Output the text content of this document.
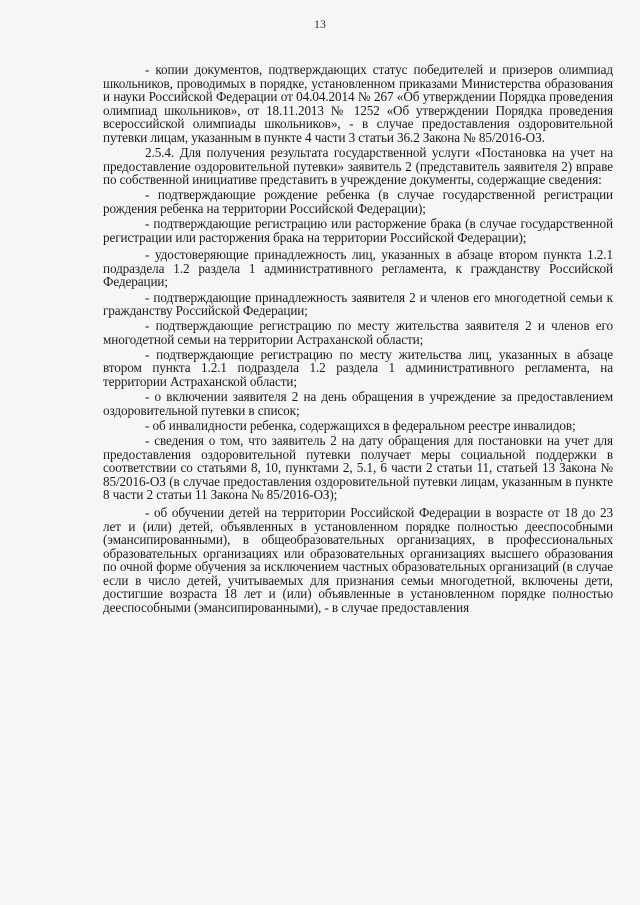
13

- копии документов, подтверждающих статус победителей и призеров олимпиад школьников, проводимых в порядке, установленном приказами Министерства образования и науки Российской Федерации от 04.04.2014 № 267 «Об утверждении Порядка проведения олимпиад школьников», от 18.11.2013 № 1252 «Об утверждении Порядка проведения всероссийской олимпиады школьников», - в случае предоставления оздоровительной путевки лицам, указанным в пункте 4 части 3 статьи 36.2 Закона № 85/2016-ОЗ.

2.5.4. Для получения результата государственной услуги «Постановка на учет на предоставление оздоровительной путевки» заявитель 2 (представитель заявителя 2) вправе по собственной инициативе представить в учреждение документы, содержащие сведения:

- подтверждающие рождение ребенка (в случае государственной регистрации рождения ребенка на территории Российской Федерации);

- подтверждающие регистрацию или расторжение брака (в случае государственной регистрации или расторжения брака на территории Российской Федерации);

- удостоверяющие принадлежность лиц, указанных в абзаце втором пункта 1.2.1 подраздела 1.2 раздела 1 административного регламента, к гражданству Российской Федерации;

- подтверждающие принадлежность заявителя 2 и членов его многодетной семьи к гражданству Российской Федерации;

- подтверждающие регистрацию по месту жительства заявителя 2 и членов его многодетной семьи на территории Астраханской области;

- подтверждающие регистрацию по месту жительства лиц, указанных в абзаце втором пункта 1.2.1 подраздела 1.2 раздела 1 административного регламента, на территории Астраханской области;

- о включении заявителя 2 на день обращения в учреждение за предоставлением оздоровительной путевки в список;

- об инвалидности ребенка, содержащихся в федеральном реестре инвалидов;

- сведения о том, что заявитель 2 на дату обращения для постановки на учет для предоставления оздоровительной путевки получает меры социальной поддержки в соответствии со статьями 8, 10, пунктами 2, 5.1, 6 части 2 статьи 11, статьей 13 Закона № 85/2016-ОЗ (в случае предоставления оздоровительной путевки лицам, указанным в пункте 8 части 2 статьи 11 Закона № 85/2016-ОЗ);

- об обучении детей на территории Российской Федерации в возрасте от 18 до 23 лет и (или) детей, объявленных в установленном порядке полностью дееспособными (эмансипированными), в общеобразовательных организациях, в профессиональных образовательных организациях или образовательных организациях высшего образования по очной форме обучения за исключением частных образовательных организаций (в случае если в число детей, учитываемых для признания семьи многодетной, включены дети, достигшие возраста 18 лет и (или) объявленные в установленном порядке полностью дееспособными (эмансипированными), - в случае предоставления
